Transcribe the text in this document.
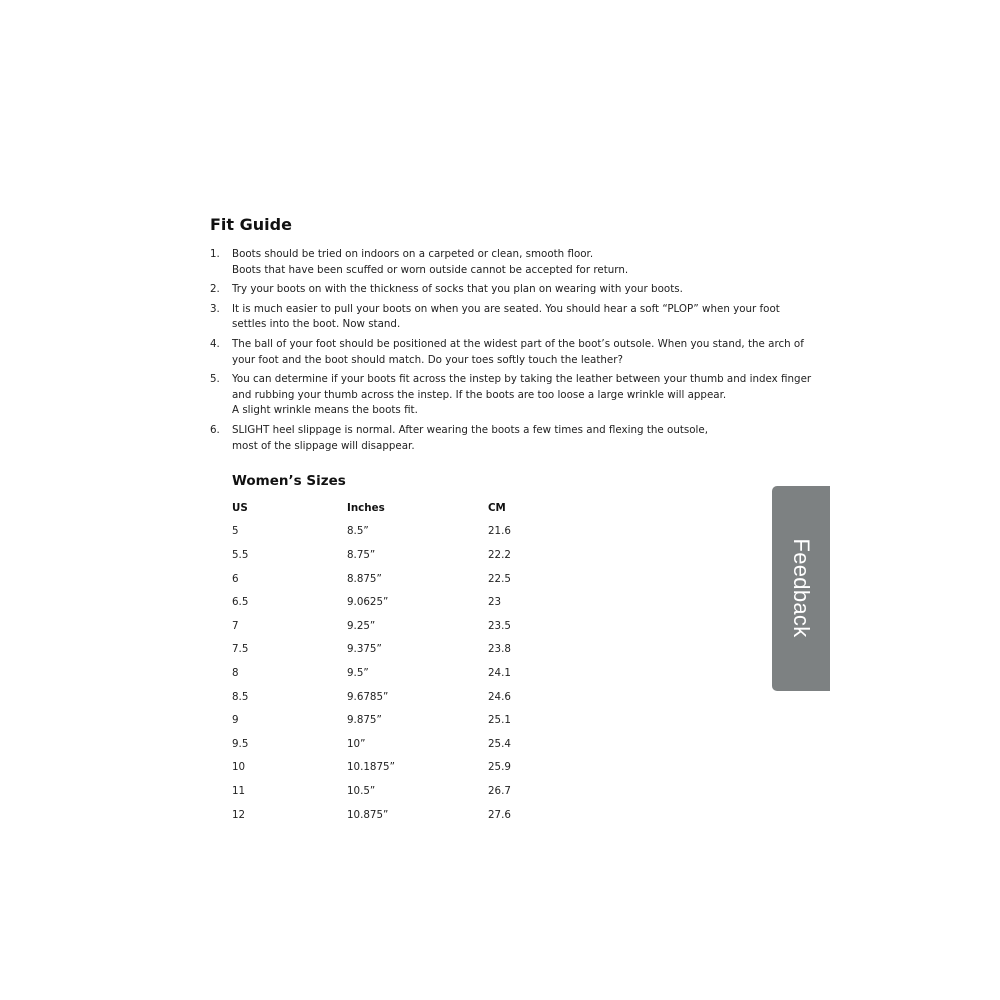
Fit Guide
1.	Boots should be tried on indoors on a carpeted or clean, smooth floor.
Boots that have been scuffed or worn outside cannot be accepted for return.
2.	Try your boots on with the thickness of socks that you plan on wearing with your boots.
3.	It is much easier to pull your boots on when you are seated. You should hear a soft “PLOP” when your foot
settles into the boot. Now stand.
4.	The ball of your foot should be positioned at the widest part of the boot’s outsole. When you stand, the arch of
your foot and the boot should match. Do your toes softly touch the leather?
5.	You can determine if your boots fit across the instep by taking the leather between your thumb and index finger
and rubbing your thumb across the instep. If the boots are too loose a large wrinkle will appear.
A slight wrinkle means the boots fit.
6.	SLIGHT heel slippage is normal. After wearing the boots a few times and flexing the outsole,
most of the slippage will disappear.
Women’s Sizes
US	Inches	CM
5	8.5”	21.6
5.5	8.75”	22.2
6	8.875”	22.5
6.5	9.0625”	23
7	9.25”	23.5
7.5	9.375”	23.8
8	9.5”	24.1
8.5	9.6785”	24.6
9	9.875”	25.1
9.5	10”	25.4
10	10.1875”	25.9
11	10.5”	26.7
12	10.875”	27.6
Feedback
